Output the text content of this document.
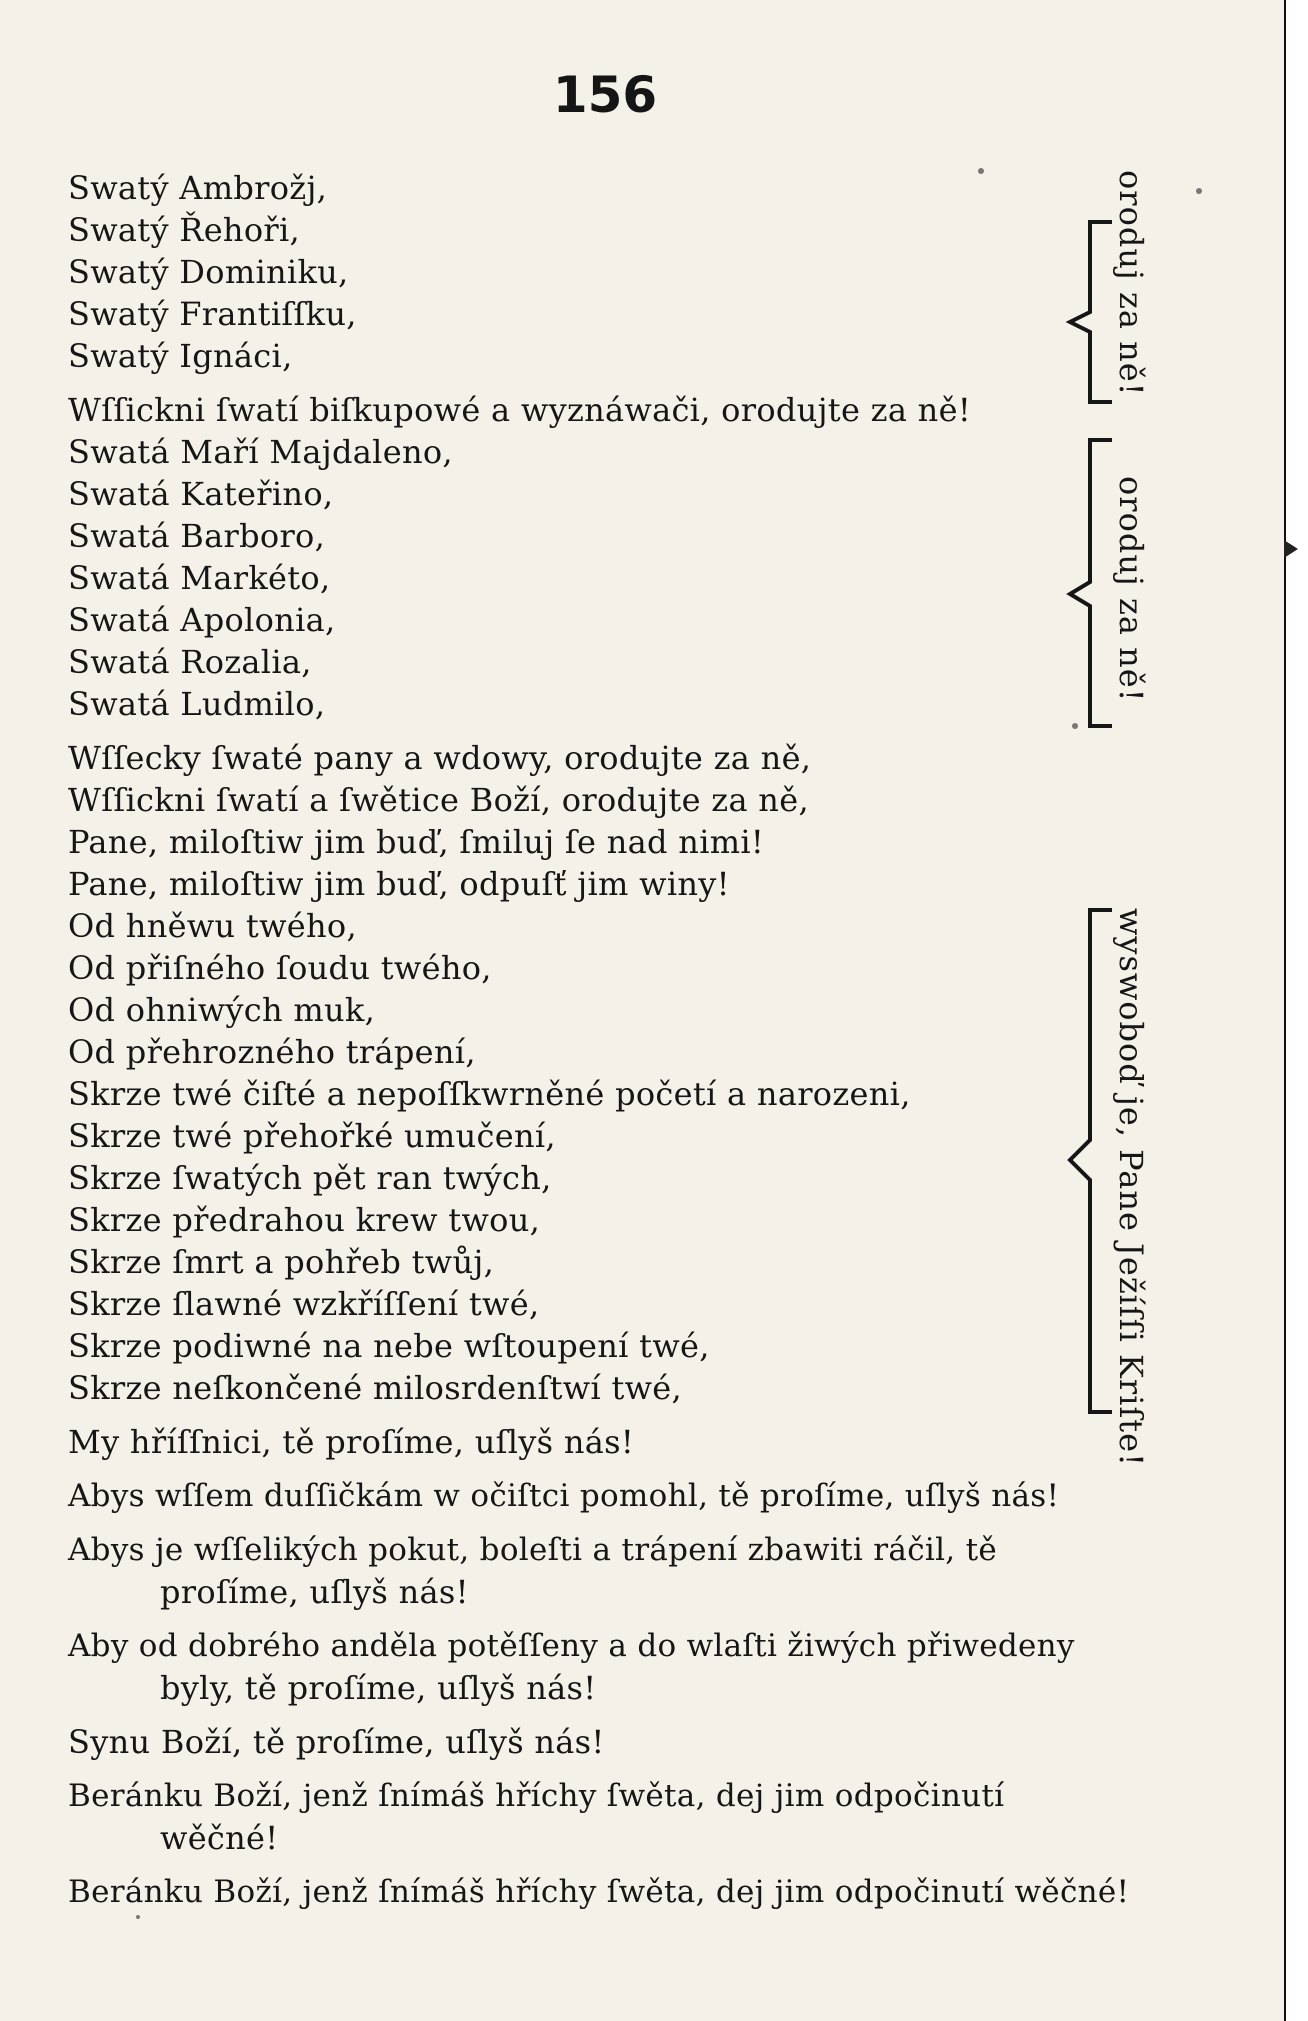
156
Swatý Ambrožj,
Swatý Řehoři,
Swatý Dominiku,
Swatý Frantiſſku,
Swatý Ignáci,
Wſſickni ſwatí biſkupowé a wyznáwači, orodujte za ně!
Swatá Maří Majdaleno,
Swatá Kateřino,
Swatá Barboro,
Swatá Markéto,
Swatá Apolonia,
Swatá Rozalia,
Swatá Ludmilo,
Wſſecky ſwaté pany a wdowy, orodujte za ně,
Wſſickni ſwatí a ſwětice Boží, orodujte za ně,
Pane, miloſtiw jim buď, ſmiluj ſe nad nimi!
Pane, miloſtiw jim buď, odpuſť jim winy!
Od hněwu twého,
Od přiſného ſoudu twého,
Od ohniwých muk,
Od přehrozného trápení,
Skrze twé čiſté a nepoſſkwrněné početí a narozeni,
Skrze twé přehořké umučení,
Skrze ſwatých pět ran twých,
Skrze předrahou krew twou,
Skrze ſmrt a pohřeb twůj,
Skrze ſlawné wzkříſſení twé,
Skrze podiwné na nebe wſtoupení twé,
Skrze neſkončené milosrdenſtwí twé,
My hříſſnici, tě proſíme, uſlyš nás!
Abys wſſem duſſičkám w očiſtci pomohl, tě proſíme, uſlyš nás!
Abys je wſſelikých pokut, boleſti a trápení zbawiti ráčil, tě
proſíme, uſlyš nás!
Aby od dobrého anděla potěſſeny a do wlaſti žiwých přiwedeny
byly, tě proſíme, uſlyš nás!
Synu Boží, tě proſíme, uſlyš nás!
Beránku Boží, jenž ſnímáš hříchy ſwěta, dej jim odpočinutí
wěčné!
Beránku Boží, jenž ſnímáš hříchy ſwěta, dej jim odpočinutí wěčné!
oroduj za ně!
oroduj za ně!
wyswoboď je, Pane Ježíſſi Kriſte!
